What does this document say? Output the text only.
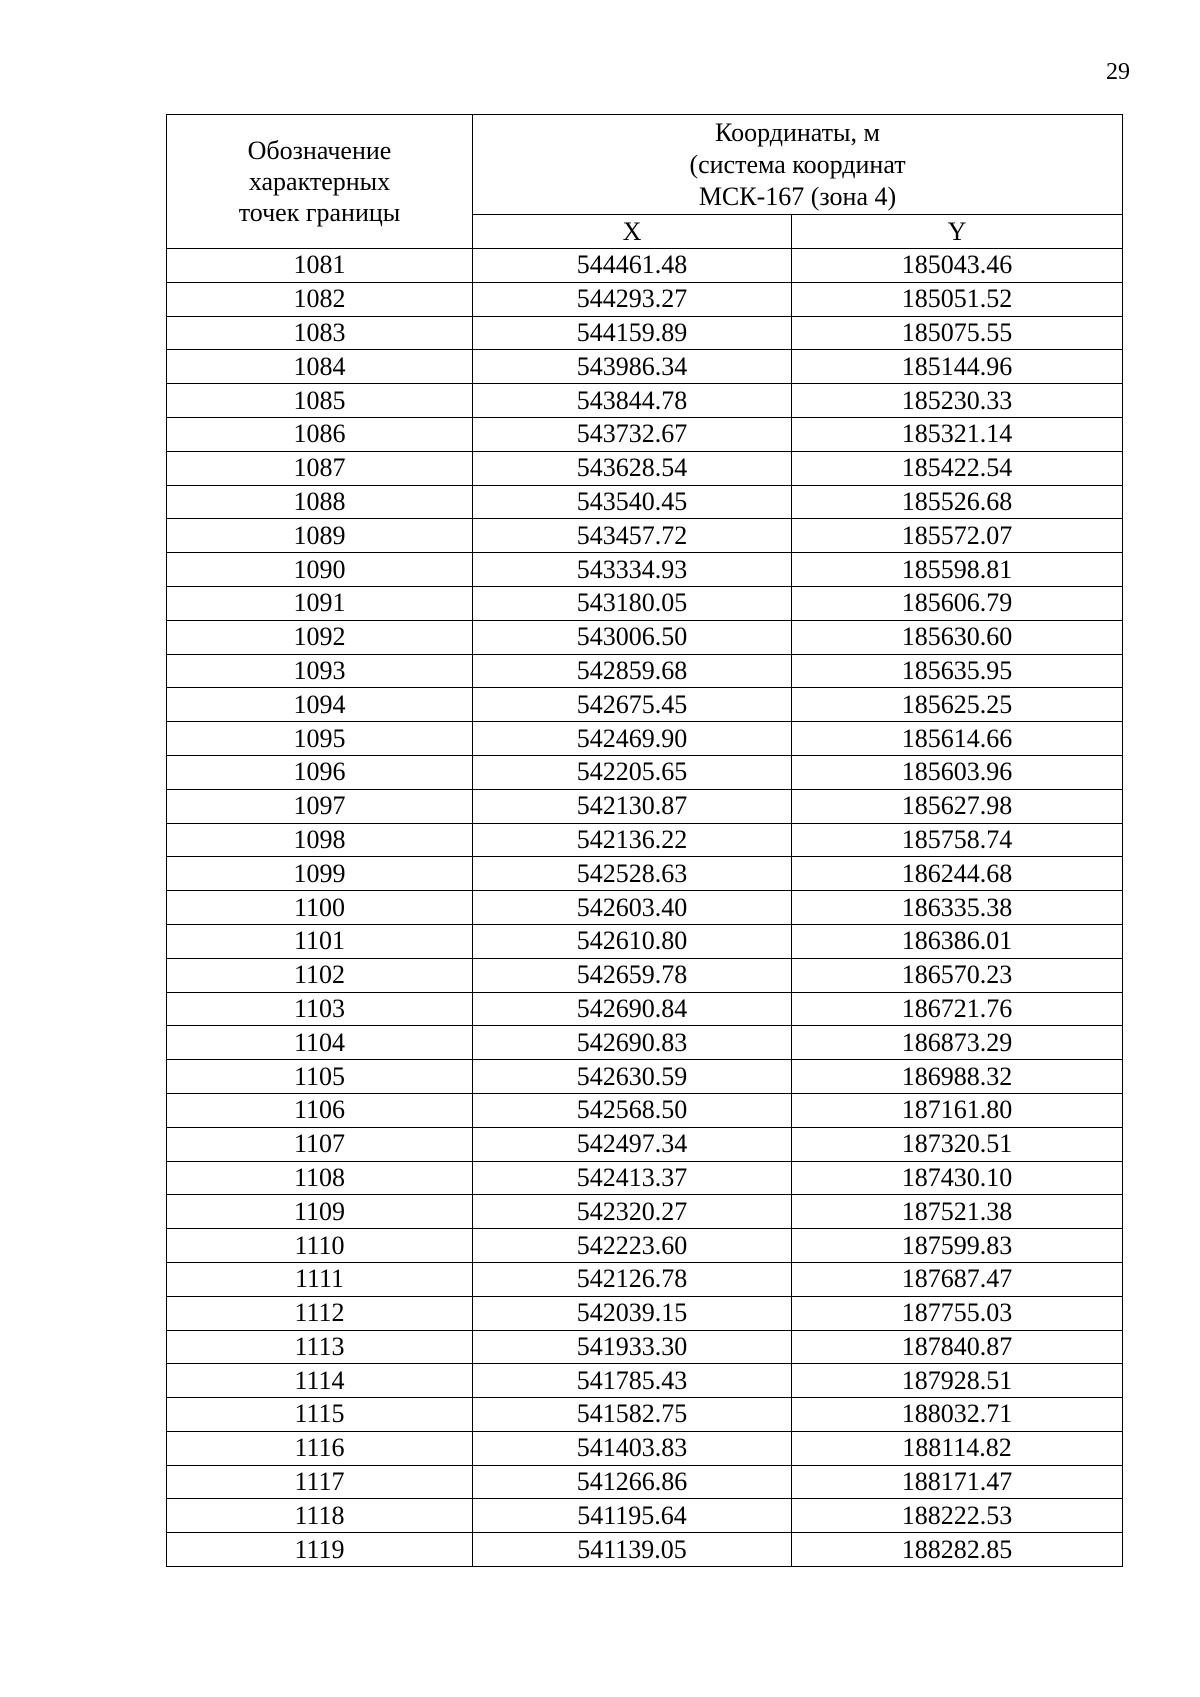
29
Обозначение
характерных
точек границы	Координаты, м
(система координат
МСК-167 (зона 4)	

	X	Y
1081	544461.48	185043.46
1082	544293.27	185051.52
1083	544159.89	185075.55
1084	543986.34	185144.96
1085	543844.78	185230.33
1086	543732.67	185321.14
1087	543628.54	185422.54
1088	543540.45	185526.68
1089	543457.72	185572.07
1090	543334.93	185598.81
1091	543180.05	185606.79
1092	543006.50	185630.60
1093	542859.68	185635.95
1094	542675.45	185625.25
1095	542469.90	185614.66
1096	542205.65	185603.96
1097	542130.87	185627.98
1098	542136.22	185758.74
1099	542528.63	186244.68
1100	542603.40	186335.38
1101	542610.80	186386.01
1102	542659.78	186570.23
1103	542690.84	186721.76
1104	542690.83	186873.29
1105	542630.59	186988.32
1106	542568.50	187161.80
1107	542497.34	187320.51
1108	542413.37	187430.10
1109	542320.27	187521.38
1110	542223.60	187599.83
1111	542126.78	187687.47
1112	542039.15	187755.03
1113	541933.30	187840.87
1114	541785.43	187928.51
1115	541582.75	188032.71
1116	541403.83	188114.82
1117	541266.86	188171.47
1118	541195.64	188222.53
1119	541139.05	188282.85
